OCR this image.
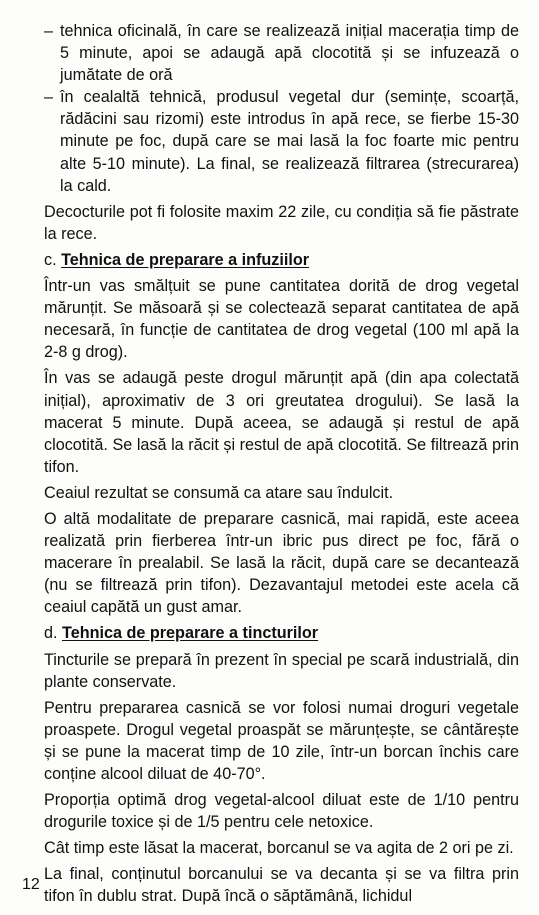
– tehnica oficinală, în care se realizează inițial macerația timp de 5 minute, apoi se adaugă apă clocotită și se infuzează o jumătate de oră

– în cealaltă tehnică, produsul vegetal dur (semințe, scoarță, rădăcini sau rizomi) este introdus în apă rece, se fierbe 15-30 minute pe foc, după care se mai lasă la foc foarte mic pentru alte 5-10 minute). La final, se realizează filtrarea (strecurarea) la cald.

Decocturile pot fi folosite maxim 22 zile, cu condiția să fie păstrate la rece.

c. Tehnica de preparare a infuziilor

Într-un vas smălțuit se pune cantitatea dorită de drog vegetal mărunțit. Se măsoară și se colectează separat cantitatea de apă necesară, în funcție de cantitatea de drog vegetal (100 ml apă la 2-8 g drog).

În vas se adaugă peste drogul mărunțit apă (din apa colectată inițial), aproximativ de 3 ori greutatea drogului). Se lasă la macerat 5 minute. După aceea, se adaugă și restul de apă clocotită. Se lasă la răcit și restul de apă clocotită. Se filtrează prin tifon.

Ceaiul rezultat se consumă ca atare sau îndulcit.

O altă modalitate de preparare casnică, mai rapidă, este aceea realizată prin fierberea într-un ibric pus direct pe foc, fără o macerare în prealabil. Se lasă la răcit, după care se decantează (nu se filtrează prin tifon). Dezavantajul metodei este acela că ceaiul capătă un gust amar.

d. Tehnica de preparare a tincturilor

Tincturile se prepară în prezent în special pe scară industrială, din plante conservate.

Pentru prepararea casnică se vor folosi numai droguri vegetale proaspete. Drogul vegetal proaspăt se mărunțește, se cântărește și se pune la macerat timp de 10 zile, într-un borcan închis care conține alcool diluat de 40-70°.

Proporția optimă drog vegetal-alcool diluat este de 1/10 pentru drogurile toxice și de 1/5 pentru cele netoxice.

Cât timp este lăsat la macerat, borcanul se va agita de 2 ori pe zi.

La final, conținutul borcanului se va decanta și se va filtra prin tifon în dublu strat. După încă o săptămână, lichidul

12
